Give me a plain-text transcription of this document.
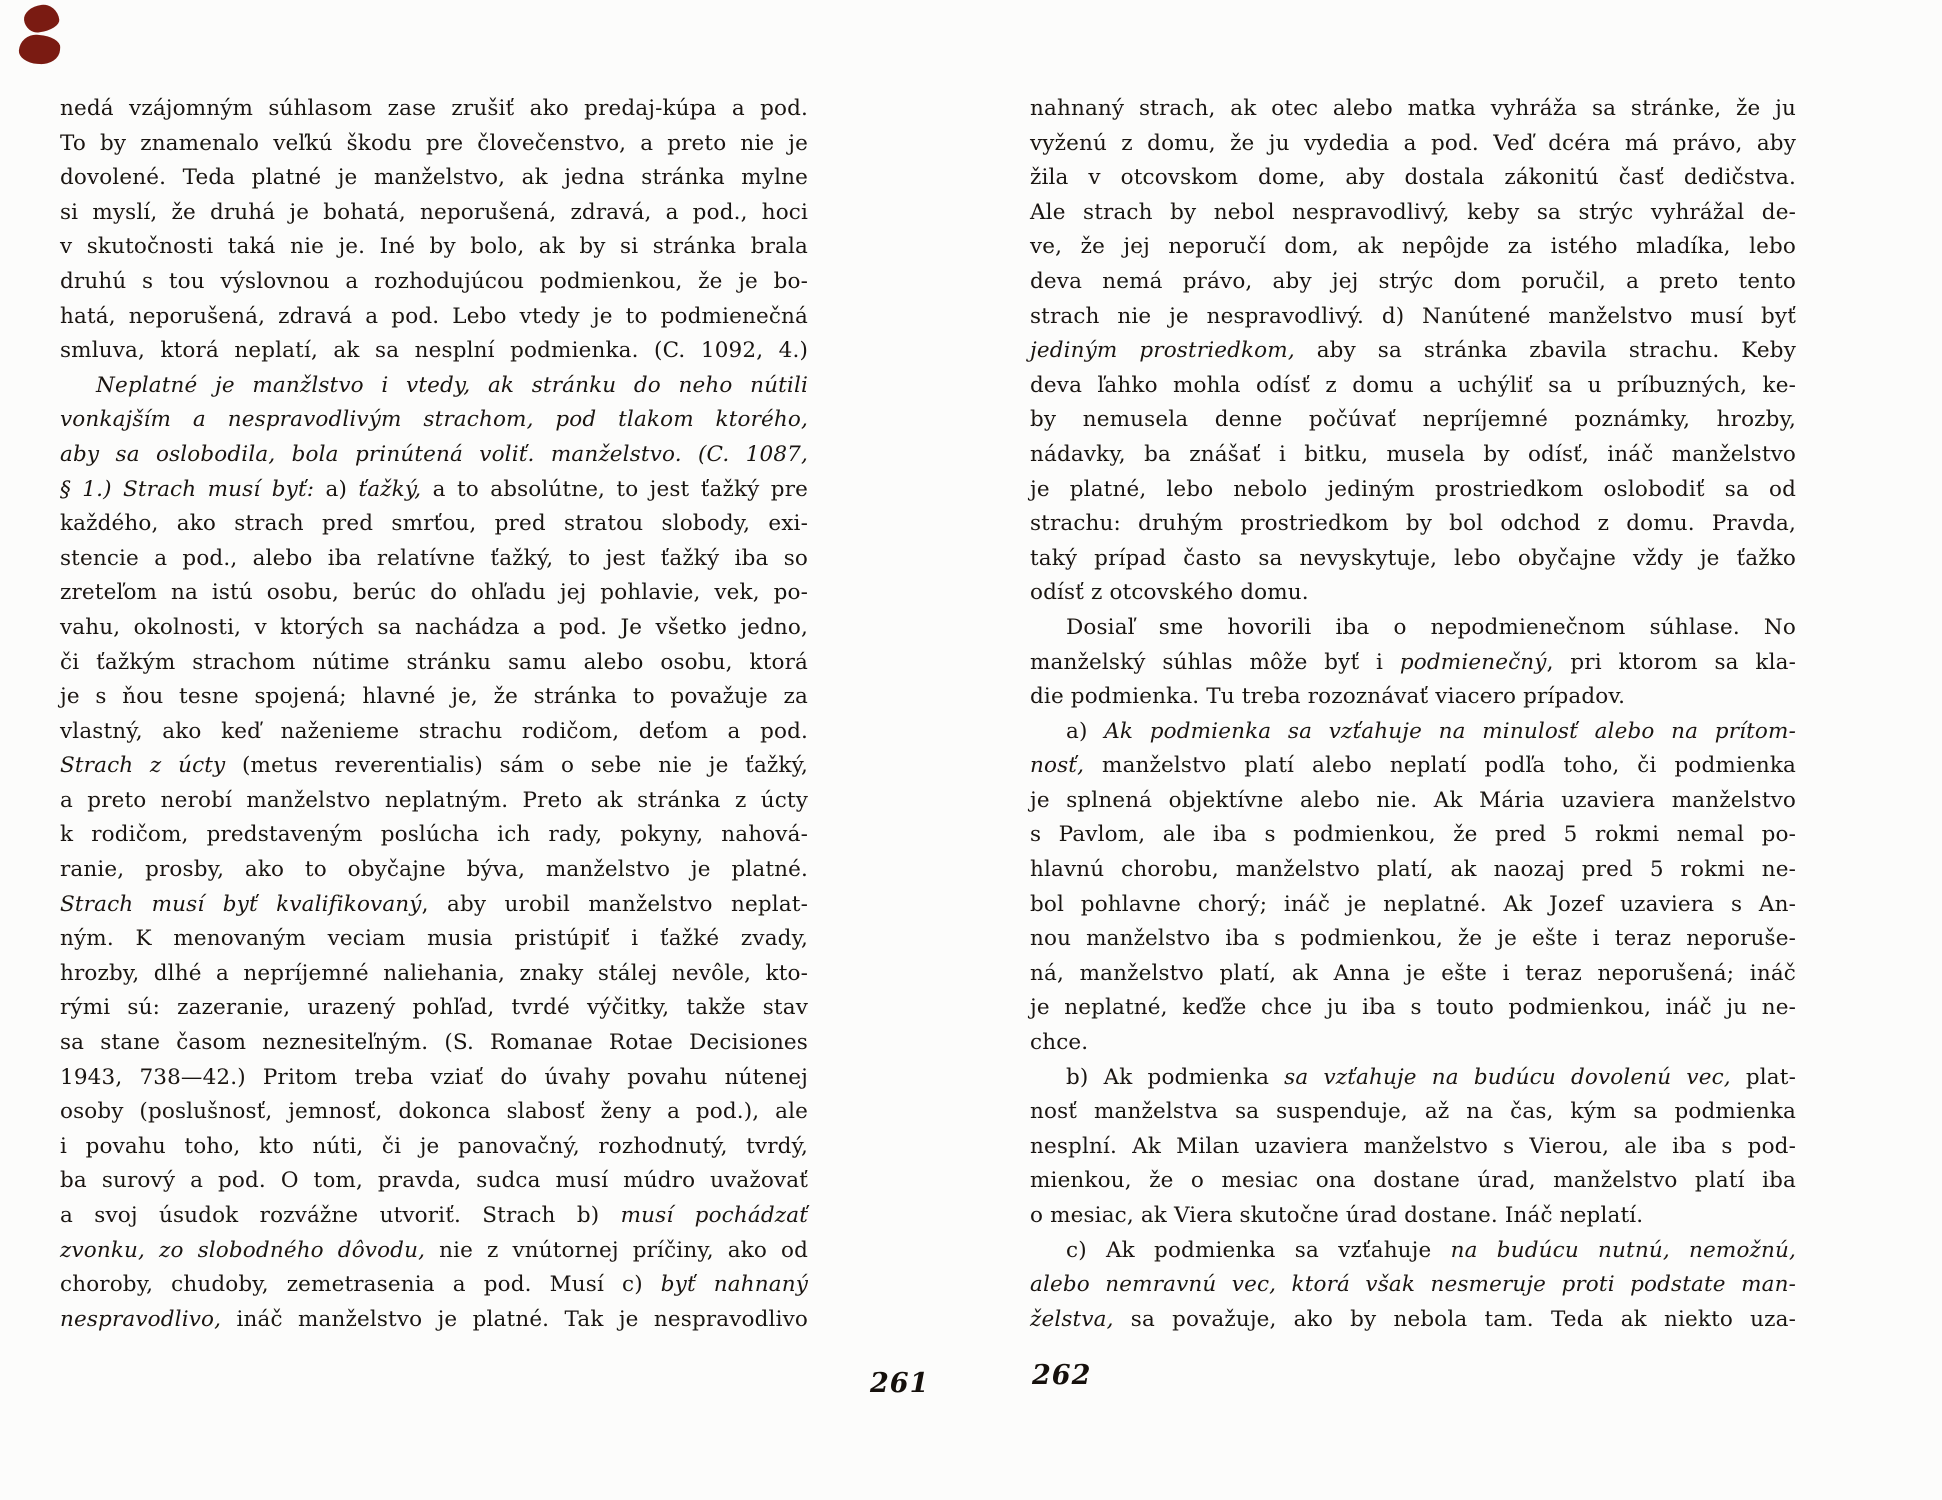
nedá vzájomným súhlasom zase zrušiť ako predaj-kúpa a pod.
To by znamenalo veľkú škodu pre človečenstvo, a preto nie je
dovolené. Teda platné je manželstvo, ak jedna stránka mylne
si myslí, že druhá je bohatá, neporušená, zdravá, a pod., hoci
v skutočnosti taká nie je. Iné by bolo, ak by si stránka brala
druhú s tou výslovnou a rozhodujúcou podmienkou, že je bo-
hatá, neporušená, zdravá a pod. Lebo vtedy je to podmienečná
smluva, ktorá neplatí, ak sa nesplní podmienka. (C. 1092, 4.)
Neplatné je manžlstvo i vtedy, ak stránku do neho nútili
vonkajším a nespravodlivým strachom, pod tlakom ktorého,
aby sa oslobodila, bola prinútená voliť. manželstvo. (C. 1087,
§ 1.) Strach musí byť: a) ťažký, a to absolútne, to jest ťažký pre
každého, ako strach pred smrťou, pred stratou slobody, exi-
stencie a pod., alebo iba relatívne ťažký, to jest ťažký iba so
zreteľom na istú osobu, berúc do ohľadu jej pohlavie, vek, po-
vahu, okolnosti, v ktorých sa nachádza a pod. Je všetko jedno,
či ťažkým strachom nútime stránku samu alebo osobu, ktorá
je s ňou tesne spojená; hlavné je, že stránka to považuje za
vlastný, ako keď naženieme strachu rodičom, deťom a pod.
Strach z úcty (metus reverentialis) sám o sebe nie je ťažký,
a preto nerobí manželstvo neplatným. Preto ak stránka z úcty
k rodičom, predstaveným poslúcha ich rady, pokyny, nahová-
ranie, prosby, ako to obyčajne býva, manželstvo je platné.
Strach musí byť kvalifikovaný, aby urobil manželstvo neplat-
ným. K menovaným veciam musia pristúpiť i ťažké zvady,
hrozby, dlhé a nepríjemné naliehania, znaky stálej nevôle, kto-
rými sú: zazeranie, urazený pohľad, tvrdé výčitky, takže stav
sa stane časom neznesiteľným. (S. Romanae Rotae Decisiones
1943, 738—42.) Pritom treba vziať do úvahy povahu nútenej
osoby (poslušnosť, jemnosť, dokonca slabosť ženy a pod.), ale
i povahu toho, kto núti, či je panovačný, rozhodnutý, tvrdý,
ba surový a pod. O tom, pravda, sudca musí múdro uvažovať
a svoj úsudok rozvážne utvoriť. Strach b) musí pochádzať
zvonku, zo slobodného dôvodu, nie z vnútornej príčiny, ako od
choroby, chudoby, zemetrasenia a pod. Musí c) byť nahnaný
nespravodlivo, ináč manželstvo je platné. Tak je nespravodlivo
nahnaný strach, ak otec alebo matka vyhráža sa stránke, že ju
vyženú z domu, že ju vydedia a pod. Veď dcéra má právo, aby
žila v otcovskom dome, aby dostala zákonitú časť dedičstva.
Ale strach by nebol nespravodlivý, keby sa strýc vyhrážal de-
ve, že jej neporučí dom, ak nepôjde za istého mladíka, lebo
deva nemá právo, aby jej strýc dom poručil, a preto tento
strach nie je nespravodlivý. d) Nanútené manželstvo musí byť
jediným prostriedkom, aby sa stránka zbavila strachu. Keby
deva ľahko mohla odísť z domu a uchýliť sa u príbuzných, ke-
by nemusela denne počúvať nepríjemné poznámky, hrozby,
nádavky, ba znášať i bitku, musela by odísť, ináč manželstvo
je platné, lebo nebolo jediným prostriedkom oslobodiť sa od
strachu: druhým prostriedkom by bol odchod z domu. Pravda,
taký prípad často sa nevyskytuje, lebo obyčajne vždy je ťažko
odísť z otcovského domu.
Dosiaľ sme hovorili iba o nepodmienečnom súhlase. No
manželský súhlas môže byť i podmienečný, pri ktorom sa kla-
die podmienka. Tu treba rozoznávať viacero prípadov.
a) Ak podmienka sa vzťahuje na minulosť alebo na prítom-
nosť, manželstvo platí alebo neplatí podľa toho, či podmienka
je splnená objektívne alebo nie. Ak Mária uzaviera manželstvo
s Pavlom, ale iba s podmienkou, že pred 5 rokmi nemal po-
hlavnú chorobu, manželstvo platí, ak naozaj pred 5 rokmi ne-
bol pohlavne chorý; ináč je neplatné. Ak Jozef uzaviera s An-
nou manželstvo iba s podmienkou, že je ešte i teraz neporuše-
ná, manželstvo platí, ak Anna je ešte i teraz neporušená; ináč
je neplatné, keďže chce ju iba s touto podmienkou, ináč ju ne-
chce.
b) Ak podmienka sa vzťahuje na budúcu dovolenú vec, plat-
nosť manželstva sa suspenduje, až na čas, kým sa podmienka
nesplní. Ak Milan uzaviera manželstvo s Vierou, ale iba s pod-
mienkou, že o mesiac ona dostane úrad, manželstvo platí iba
o mesiac, ak Viera skutočne úrad dostane. Ináč neplatí.
c) Ak podmienka sa vzťahuje na budúcu nutnú, nemožnú,
alebo nemravnú vec, ktorá však nesmeruje proti podstate man-
želstva, sa považuje, ako by nebola tam. Teda ak niekto uza-
261	262
